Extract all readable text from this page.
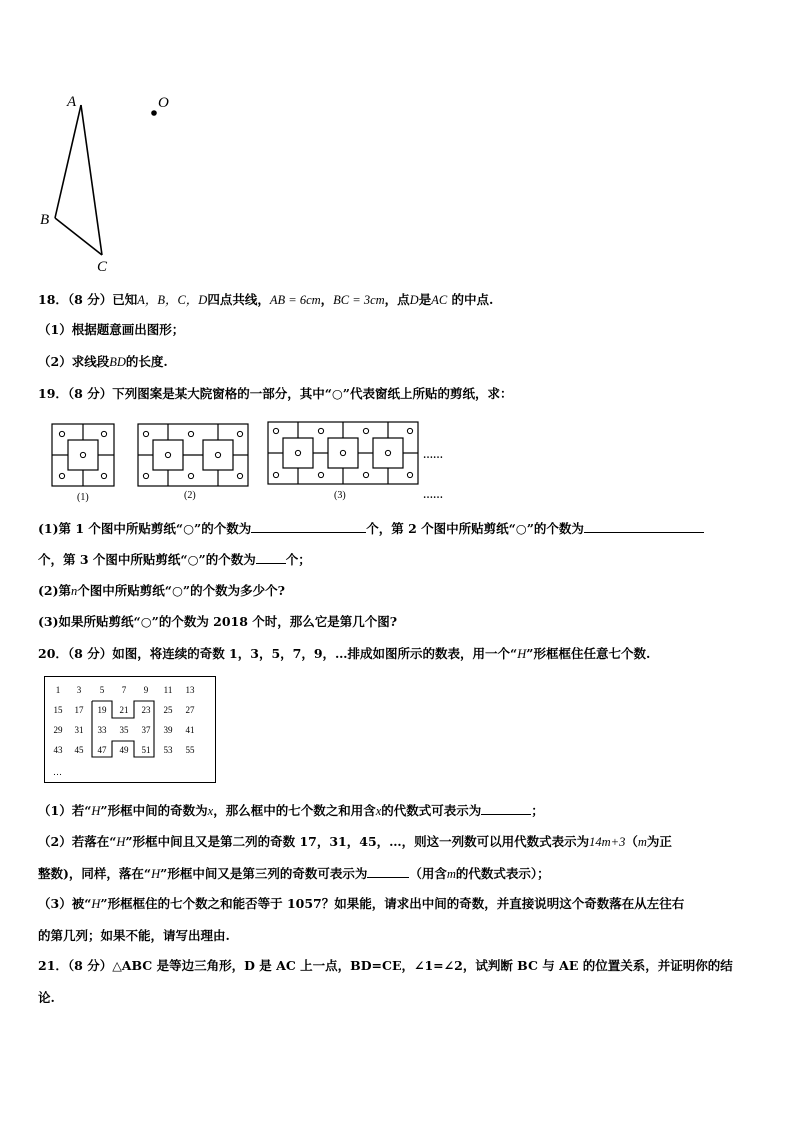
A	O
B
C
18．（8 分）已知A，B，C，D四点共线，AB = 6cm，BC = 3cm，点D是AC 的中点.
（1）根据题意画出图形；
（2）求线段BD的长度.
19．（8 分）下列图案是某大院窗格的一部分，其中“○”代表窗纸上所贴的剪纸，求：
(1)	(2)	(3)
……
……
(1)第 1 个图中所贴剪纸“○”的个数为	个，第 2 个图中所贴剪纸“○”的个数为
个，第 3 个图中所贴剪纸“○”的个数为 个；
(2)第n个图中所贴剪纸“○”的个数为多少个?
(3)如果所贴剪纸“○”的个数为 2018 个时，那么它是第几个图?
20．（8 分）如图，将连续的奇数 1，3，5，7，9，…排成如图所示的数表，用一个“H”形框框住任意七个数.
1 3 5 7 9 11 13
15 17 19 21 23 25 27
29 31 33 35 37 39 41
43 45 47 49 51 53 55
…
（1）若“H”形框中间的奇数为x，那么框中的七个数之和用含x的代数式可表示为	；
（2）若落在“H”形框中间且又是第二列的奇数 17，31，45，…，则这一列数可以用代数式表示为14m+3（m为正
整数)，同样，落在“H”形框中间又是第三列的奇数可表示为	（用含m的代数式表示）；
（3）被“H”形框框住的七个数之和能否等于 1057？如果能，请求出中间的奇数，并直接说明这个奇数落在从左往右
的第几列；如果不能，请写出理由.
21．（8 分）△ABC 是等边三角形，D 是 AC 上一点，BD=CE，∠1=∠2，试判断 BC 与 AE 的位置关系，并证明你的结
论.
